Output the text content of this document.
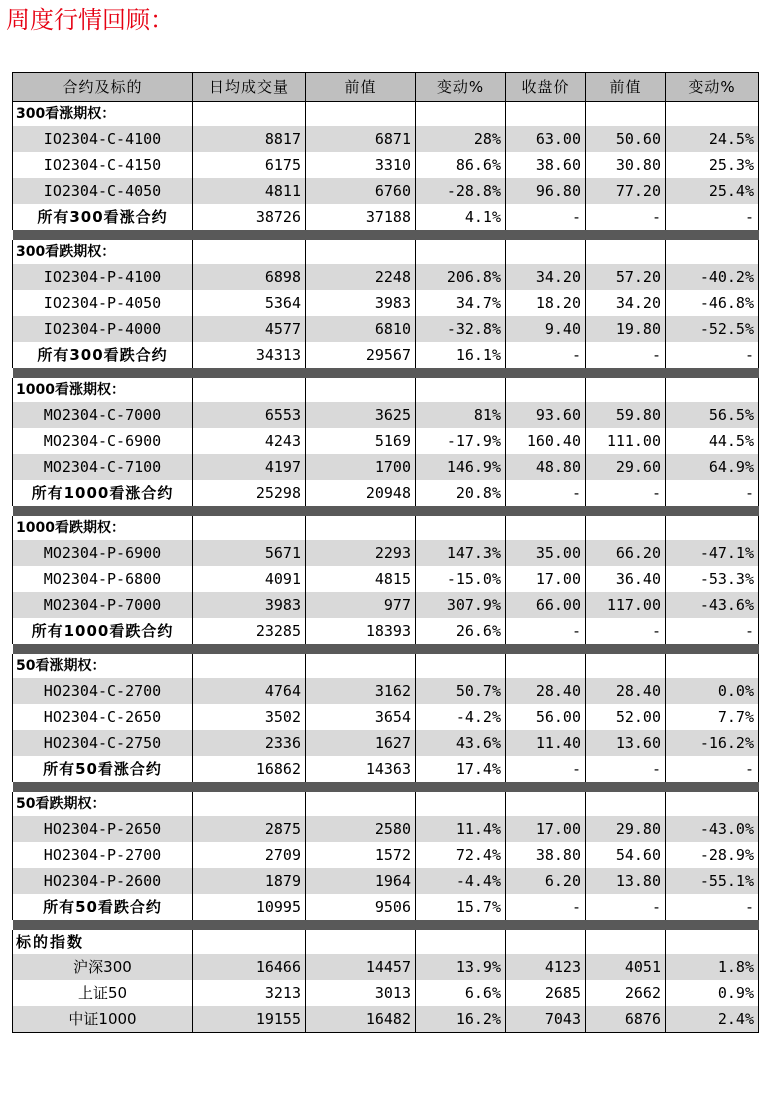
周度行情回顾：
合约及标的	日均成交量	前值	变动%	收盘价	前值	变动%
300看涨期权：						
IO2304-C-4100	8817	6871	28%	63.00	50.60	24.5%
IO2304-C-4150	6175	3310	86.6%	38.60	30.80	25.3%
IO2304-C-4050	4811	6760	-28.8%	96.80	77.20	25.4%
所有300看涨合约	38726	37188	4.1%	-	-	-

300看跌期权：						
IO2304-P-4100	6898	2248	206.8%	34.20	57.20	-40.2%
IO2304-P-4050	5364	3983	34.7%	18.20	34.20	-46.8%
IO2304-P-4000	4577	6810	-32.8%	9.40	19.80	-52.5%
所有300看跌合约	34313	29567	16.1%	-	-	-

1000看涨期权：						
MO2304-C-7000	6553	3625	81%	93.60	59.80	56.5%
MO2304-C-6900	4243	5169	-17.9%	160.40	111.00	44.5%
MO2304-C-7100	4197	1700	146.9%	48.80	29.60	64.9%
所有1000看涨合约	25298	20948	20.8%	-	-	-

1000看跌期权：						
MO2304-P-6900	5671	2293	147.3%	35.00	66.20	-47.1%
MO2304-P-6800	4091	4815	-15.0%	17.00	36.40	-53.3%
MO2304-P-7000	3983	977	307.9%	66.00	117.00	-43.6%
所有1000看跌合约	23285	18393	26.6%	-	-	-

50看涨期权：						
HO2304-C-2700	4764	3162	50.7%	28.40	28.40	0.0%
HO2304-C-2650	3502	3654	-4.2%	56.00	52.00	7.7%
HO2304-C-2750	2336	1627	43.6%	11.40	13.60	-16.2%
所有50看涨合约	16862	14363	17.4%	-	-	-

50看跌期权：						
HO2304-P-2650	2875	2580	11.4%	17.00	29.80	-43.0%
HO2304-P-2700	2709	1572	72.4%	38.80	54.60	-28.9%
HO2304-P-2600	1879	1964	-4.4%	6.20	13.80	-55.1%
所有50看跌合约	10995	9506	15.7%	-	-	-

标的指数						
沪深300	16466	14457	13.9%	4123	4051	1.8%
上证50	3213	3013	6.6%	2685	2662	0.9%
中证1000	19155	16482	16.2%	7043	6876	2.4%
